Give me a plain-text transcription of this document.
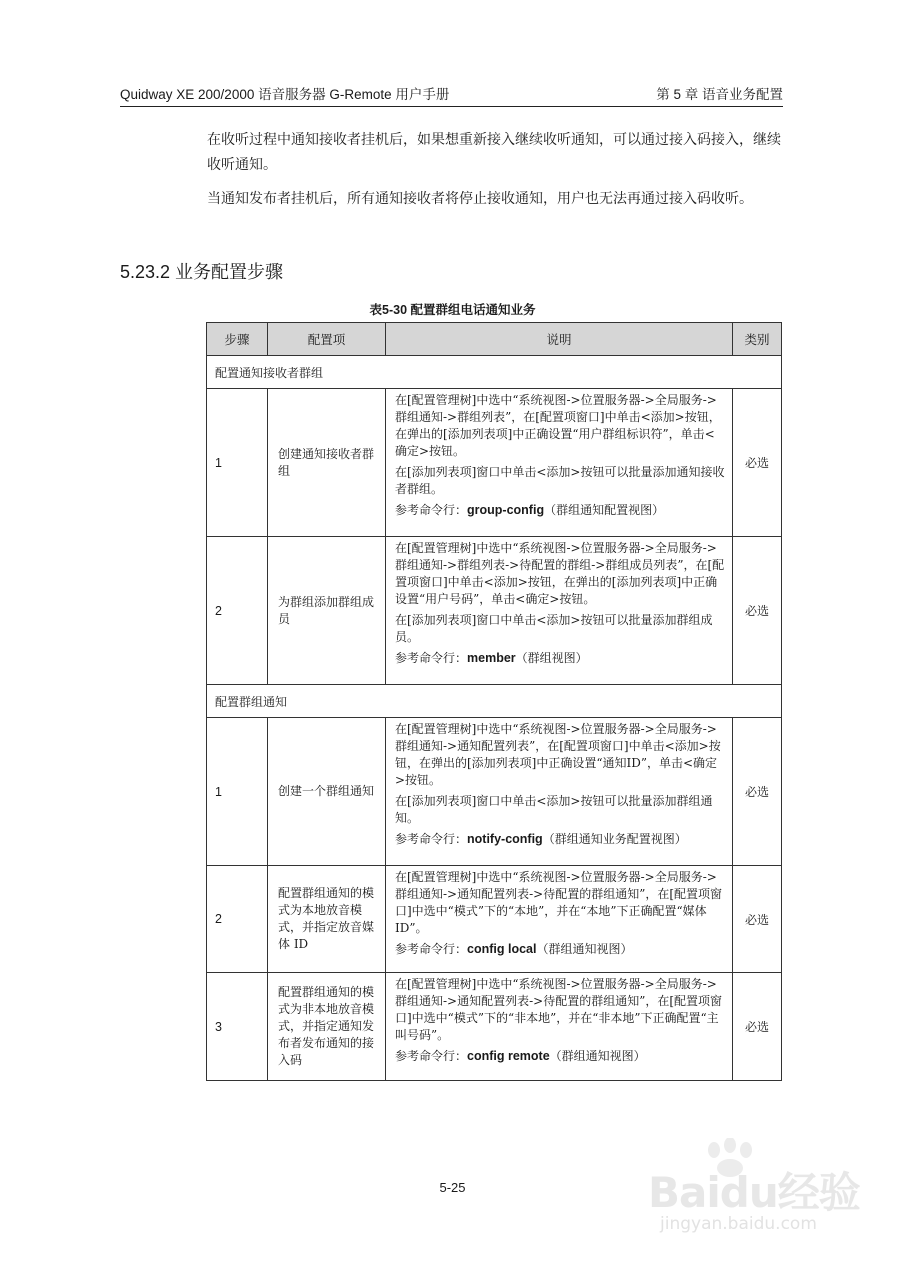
Quidway XE 200/2000 语音服务器 G-Remote 用户手册	第 5 章 语音业务配置

在收听过程中通知接收者挂机后，如果想重新接入继续收听通知，可以通过接入码接入，继续收听通知。

当通知发布者挂机后，所有通知接收者将停止接收通知，用户也无法再通过接入码收听。

5.23.2 业务配置步骤
表5-30 配置群组电话通知业务
步骤	配置项	说明	类别
配置通知接收者群组			
1	创建通知接收者群组	在[配置管理树]中选中“系统视图->位置服务器->全局服务->群组通知->群组列表”，在[配置项窗口]中单击<添加>按钮，在弹出的[添加列表项]中正确设置“用户群组标识符”，单击<确定>按钮。

在[添加列表项]窗口中单击<添加>按钮可以批量添加通知接收者群组。

参考命令行：group-config（群组通知配置视图）	必选
2	为群组添加群组成员	在[配置管理树]中选中“系统视图->位置服务器->全局服务->群组通知->群组列表->待配置的群组->群组成员列表”，在[配置项窗口]中单击<添加>按钮，在弹出的[添加列表项]中正确设置“用户号码”，单击<确定>按钮。

在[添加列表项]窗口中单击<添加>按钮可以批量添加群组成员。

参考命令行：member（群组视图）	必选
配置群组通知			
1	创建一个群组通知	在[配置管理树]中选中“系统视图->位置服务器->全局服务->群组通知->通知配置列表”，在[配置项窗口]中单击<添加>按钮，在弹出的[添加列表项]中正确设置“通知ID”，单击<确定>按钮。

在[添加列表项]窗口中单击<添加>按钮可以批量添加群组通知。

参考命令行：notify-config（群组通知业务配置视图）	必选
2	配置群组通知的模式为本地放音模式，并指定放音媒体 ID	在[配置管理树]中选中“系统视图->位置服务器->全局服务->群组通知->通知配置列表->待配置的群组通知”，在[配置项窗口]中选中“模式”下的“本地”，并在“本地”下正确配置“媒体 ID”。

参考命令行：config local（群组通知视图）	必选
3	配置群组通知的模式为非本地放音模式，并指定通知发布者发布通知的接入码	在[配置管理树]中选中“系统视图->位置服务器->全局服务->群组通知->通知配置列表->待配置的群组通知”，在[配置项窗口]中选中“模式”下的“非本地”，并在“非本地”下正确配置“主叫号码”。

参考命令行：config remote（群组通知视图）	必选
5-25	Baidu经验
jingyan.baidu.com
